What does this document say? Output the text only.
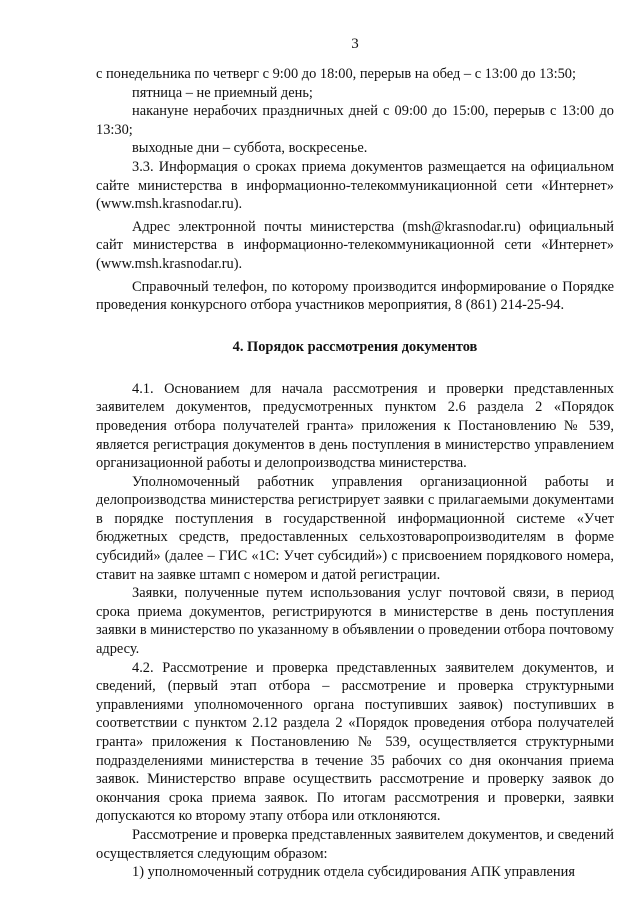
3

с понедельника по четверг с 9:00 до 18:00, перерыв на обед – с 13:00 до 13:50;

пятница – не приемный день;

накануне нерабочих праздничных дней с 09:00 до 15:00, перерыв с 13:00 до 13:30;

выходные дни – суббота, воскресенье.

3.3. Информация о сроках приема документов размещается на официальном сайте министерства в информационно-телекоммуникационной сети «Интернет» (www.msh.krasnodar.ru).

Адрес электронной почты министерства (msh@krasnodar.ru) официальный сайт министерства в информационно-телекоммуникационной сети «Интернет» (www.msh.krasnodar.ru).

Справочный телефон, по которому производится информирование о Порядке проведения конкурсного отбора участников мероприятия, 8 (861) 214-25-94.

4. Порядок рассмотрения документов

4.1. Основанием для начала рассмотрения и проверки представленных заявителем документов, предусмотренных пунктом 2.6 раздела 2 «Порядок проведения отбора получателей гранта» приложения к Постановлению № 539, является регистрация документов в день поступления в министерство управлением организационной работы и делопроизводства министерства.

Уполномоченный работник управления организационной работы и делопроизводства министерства регистрирует заявки с прилагаемыми документами в порядке поступления в государственной информационной системе «Учет бюджетных средств, предоставленных сельхозтоваропроизводителям в форме субсидий» (далее – ГИС «1С: Учет субсидий») с присвоением порядкового номера, ставит на заявке штамп с номером и датой регистрации.

Заявки, полученные путем использования услуг почтовой связи, в период срока приема документов, регистрируются в министерстве в день поступления заявки в министерство по указанному в объявлении о проведении отбора почтовому адресу.

4.2. Рассмотрение и проверка представленных заявителем документов, и сведений, (первый этап отбора – рассмотрение и проверка структурными управлениями уполномоченного органа поступивших заявок) поступивших в соответствии с пунктом 2.12 раздела 2 «Порядок проведения отбора получателей гранта» приложения к Постановлению № 539, осуществляется структурными подразделениями министерства в течение 35 рабочих со дня окончания приема заявок. Министерство вправе осуществить рассмотрение и проверку заявок до окончания срока приема заявок. По итогам рассмотрения и проверки, заявки допускаются ко второму этапу отбора или отклоняются.

Рассмотрение и проверка представленных заявителем документов, и сведений осуществляется следующим образом:

1) уполномоченный сотрудник отдела субсидирования АПК управления
